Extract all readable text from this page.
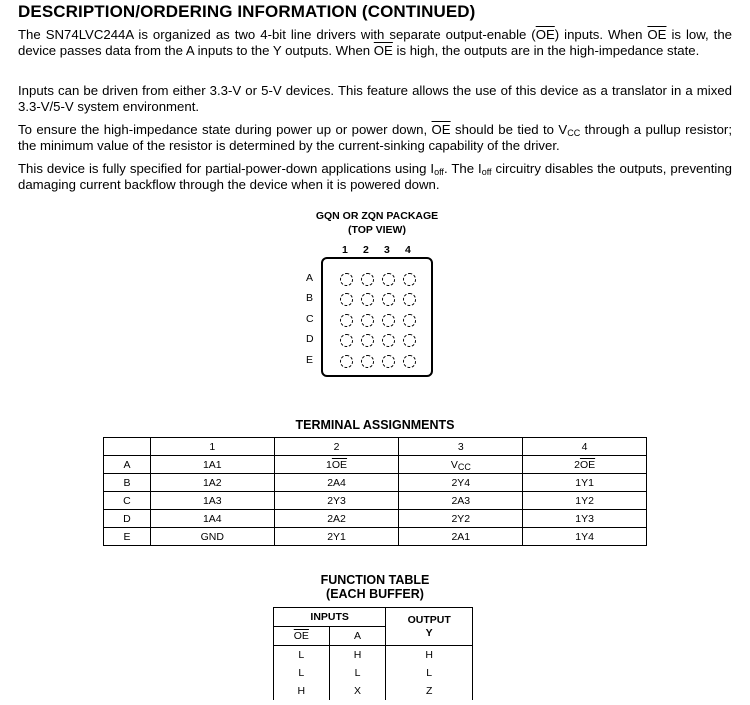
DESCRIPTION/ORDERING INFORMATION (CONTINUED)

The SN74LVC244A is organized as two 4-bit line drivers with separate output-enable $(\overline{OE})$ inputs. When $\overline{OE}$ is low, the device passes data from the A inputs to the Y outputs. When $\overline{OE}$ is high, the outputs are in the high-impedance state.

Inputs can be driven from either 3.3-V or 5-V devices. This feature allows the use of this device as a translator in a mixed 3.3-V/5-V system environment.

To ensure the high-impedance state during power up or power down, $\overline{OE}$ should be tied to $V_{CC}$ through a pullup resistor; the minimum value of the resistor is determined by the current-sinking capability of the driver.

This device is fully specified for partial-power-down applications using $I_{off}$. The $I_{off}$ circuitry disables the outputs, preventing damaging current backflow through the device when it is powered down.

GQN OR ZQN PACKAGE
(TOP VIEW)
1 2 3 4
A
B
C
D
E
TERMINAL ASSIGNMENTS
	1	2	3	4
A	1A1	$1\overline{OE}$	$V_{CC}$	$2\overline{OE}$
B	1A2	2A4	2Y4	1Y1
C	1A3	2Y3	2A3	1Y2
D	1A4	2A2	2Y2	1Y3
E	GND	2Y1	2A1	1Y4
FUNCTION TABLE
(EACH BUFFER)
INPUTS		OUTPUT
Y
$\overline{OE}$	A	
L	H	H
L	L	L
H	X	Z
